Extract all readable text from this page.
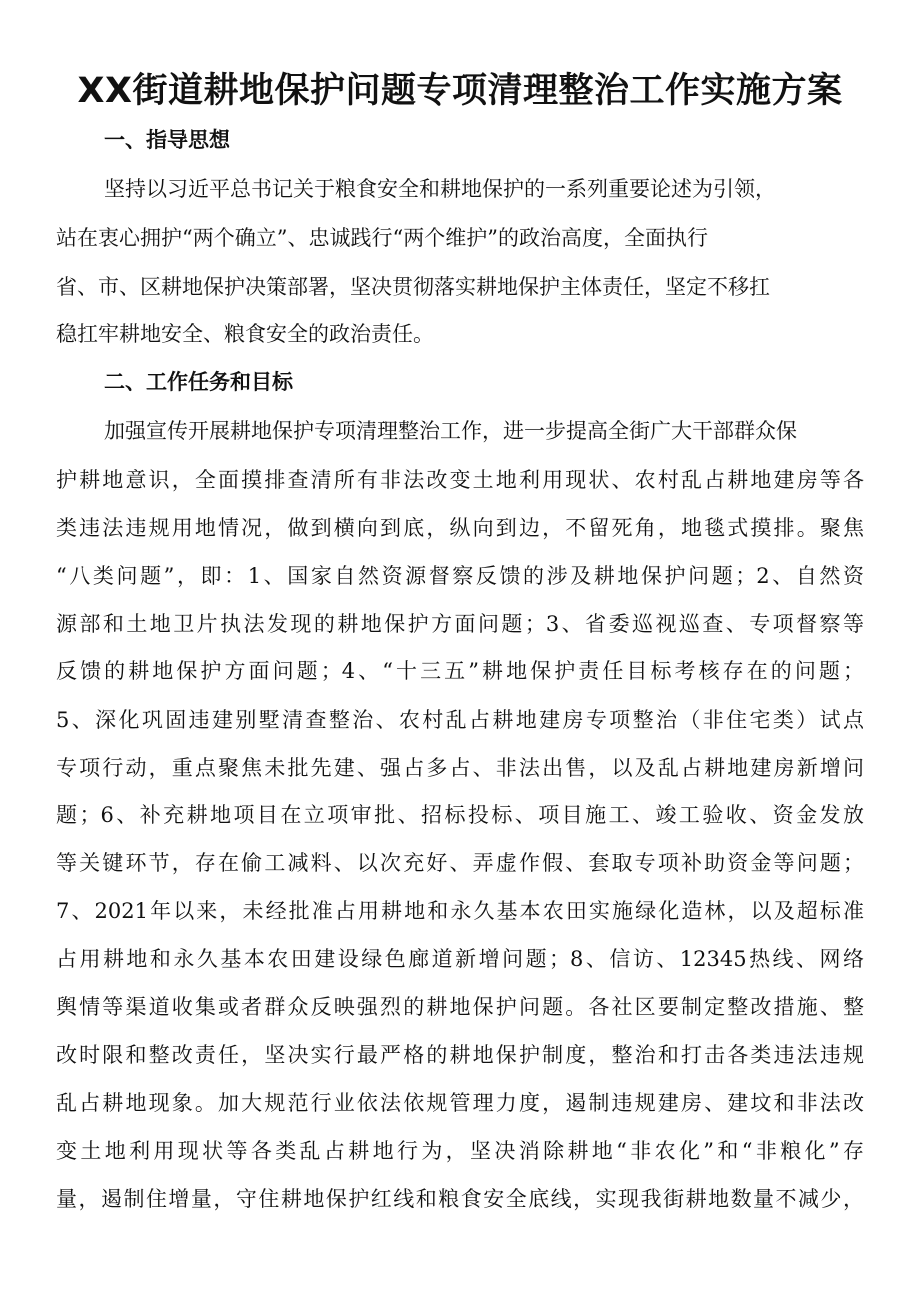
XX街道耕地保护问题专项清理整治工作实施方案
一、指导思想
坚持以习近平总书记关于粮食安全和耕地保护的一系列重要论述为引领，
站在衷心拥护“两个确立”、忠诚践行“两个维护”的政治高度，全面执行
省、市、区耕地保护决策部署，坚决贯彻落实耕地保护主体责任，坚定不移扛
稳扛牢耕地安全、粮食安全的政治责任。
二、工作任务和目标
加强宣传开展耕地保护专项清理整治工作，进一步提高全街广大干部群众保
护耕地意识，全面摸排查清所有非法改变土地利用现状、农村乱占耕地建房等各
类违法违规用地情况，做到横向到底，纵向到边，不留死角，地毯式摸排。聚焦
“八类问题”，即：1、国家自然资源督察反馈的涉及耕地保护问题；2、自然资
源部和土地卫片执法发现的耕地保护方面问题；3、省委巡视巡查、专项督察等
反馈的耕地保护方面问题；4、“十三五”耕地保护责任目标考核存在的问题；
5、深化巩固违建别墅清查整治、农村乱占耕地建房专项整治（非住宅类）试点
专项行动，重点聚焦未批先建、强占多占、非法出售，以及乱占耕地建房新增问
题；6、补充耕地项目在立项审批、招标投标、项目施工、竣工验收、资金发放
等关键环节，存在偷工减料、以次充好、弄虚作假、套取专项补助资金等问题；
7、2021年以来，未经批准占用耕地和永久基本农田实施绿化造林，以及超标准
占用耕地和永久基本农田建设绿色廊道新增问题；8、信访、12345热线、网络
舆情等渠道收集或者群众反映强烈的耕地保护问题。各社区要制定整改措施、整
改时限和整改责任，坚决实行最严格的耕地保护制度，整治和打击各类违法违规
乱占耕地现象。加大规范行业依法依规管理力度，遏制违规建房、建坟和非法改
变土地利用现状等各类乱占耕地行为，坚决消除耕地“非农化”和“非粮化”存
量，遏制住增量，守住耕地保护红线和粮食安全底线，实现我街耕地数量不减少，
